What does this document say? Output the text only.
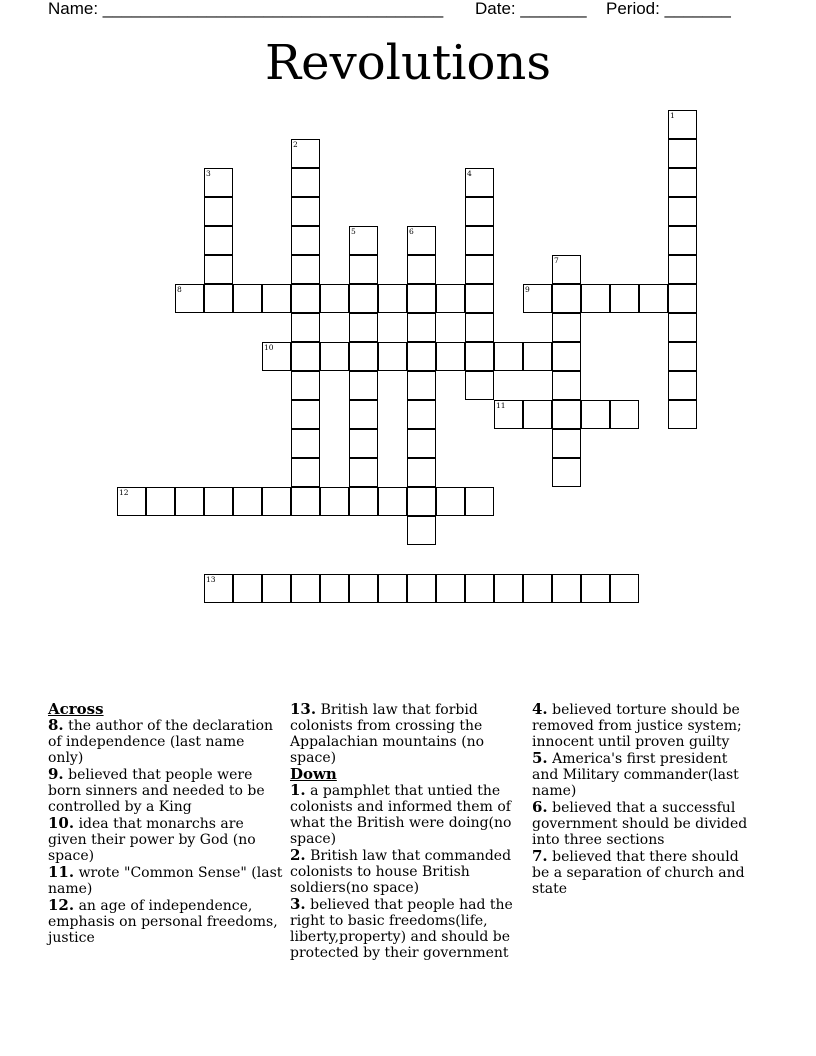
Name: ____________________________________ Date: _______ Period: _______
Revolutions
1
2
3	4
5	6
7
8	9
10
11
12
13
Across

8. the author of the declaration of independence (last name only)

9. believed that people were born sinners and needed to be controlled by a King

10. idea that monarchs are given their power by God (no space)

11. wrote "Common Sense" (last name)

12. an age of independence, emphasis on personal freedoms, justice

13. British law that forbid colonists from crossing the Appalachian mountains (no space)

Down

1. a pamphlet that untied the colonists and informed them of what the British were doing(no space)

2. British law that commanded colonists to house British soldiers(no space)

3. believed that people had the right to basic freedoms(life, liberty,property) and should be protected by their government

4. believed torture should be removed from justice system; innocent until proven guilty

5. America's first president and Military commander(last name)

6. believed that a successful government should be divided into three sections

7. believed that there should be a separation of church and state
